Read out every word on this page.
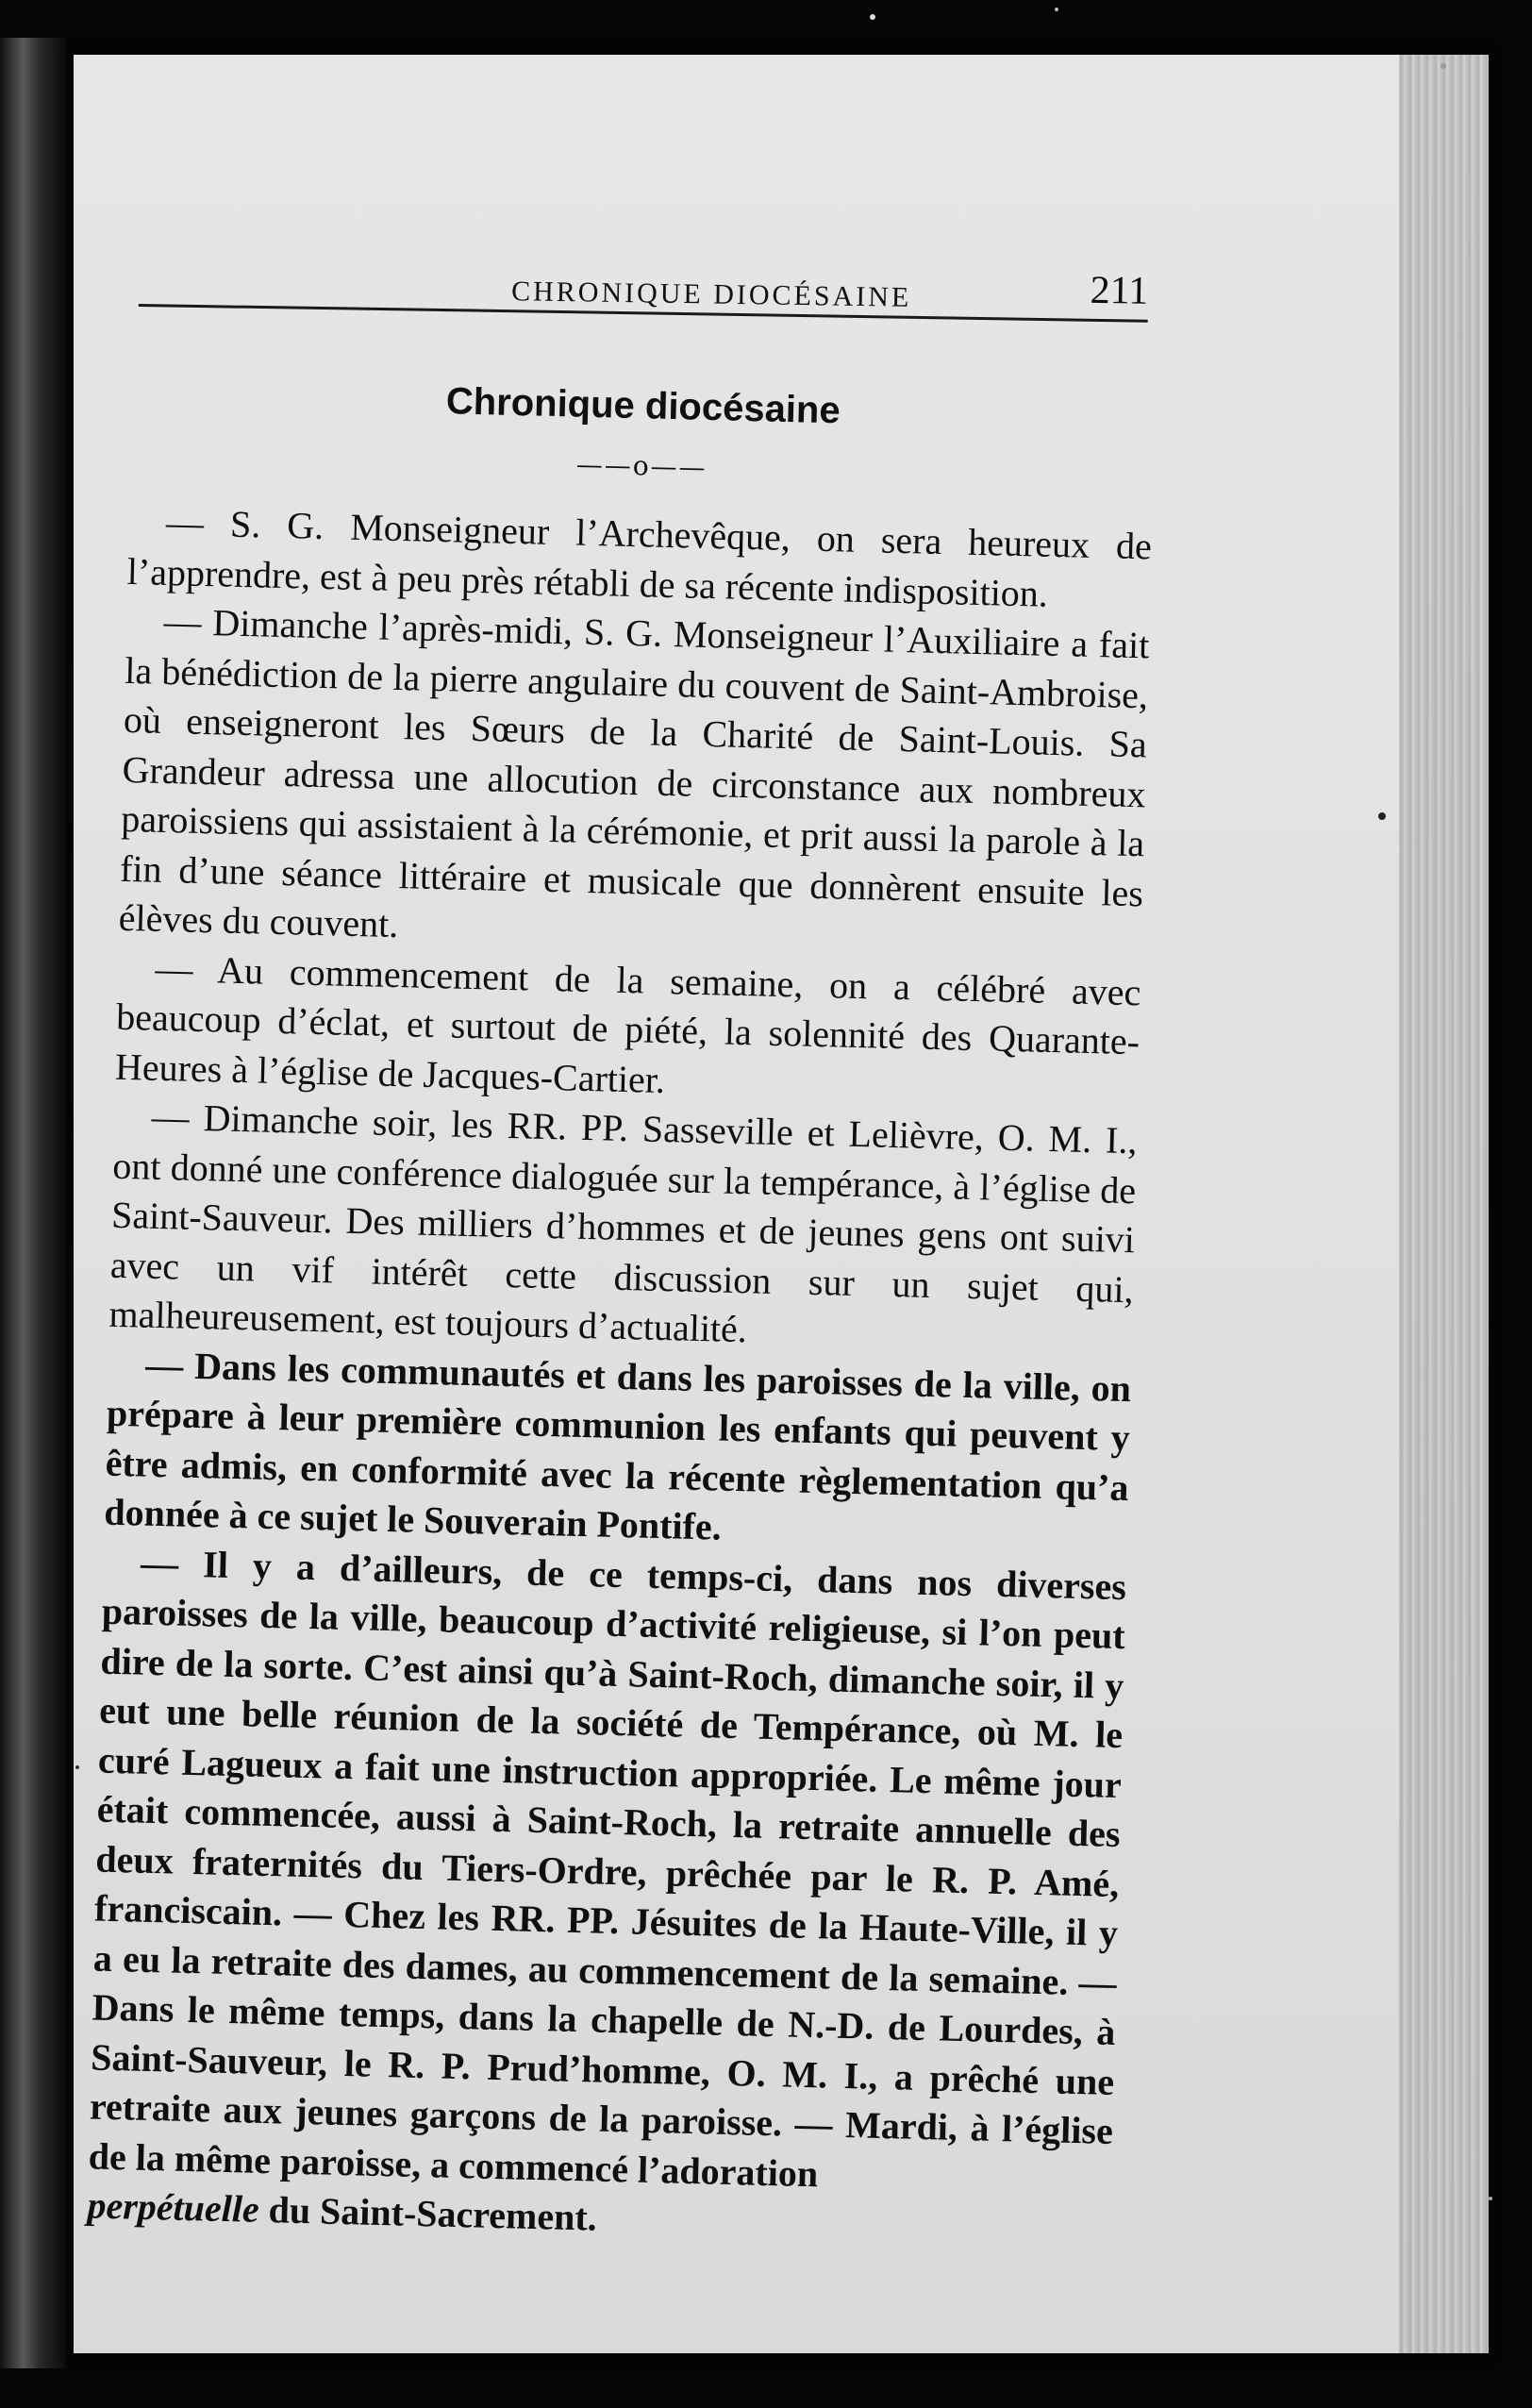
CHRONIQUE DIOCÉSAINE	211
Chronique diocésaine
——o——

— S. G. Monseigneur l’Archevêque, on sera heureux de l’apprendre, est à peu près rétabli de sa récente indisposition.

— Dimanche l’après-midi, S. G. Monseigneur l’Auxiliaire a fait la bénédiction de la pierre angulaire du couvent de Saint-Ambroise, où enseigneront les Sœurs de la Charité de Saint-Louis. Sa Grandeur adressa une allocution de circonstance aux nombreux paroissiens qui assistaient à la cérémonie, et prit aussi la parole à la fin d’une séance littéraire et musicale que donnèrent ensuite les élèves du couvent.

— Au commencement de la semaine, on a célébré avec beaucoup d’éclat, et surtout de piété, la solennité des Quarante-Heures à l’église de Jacques-Cartier.

— Dimanche soir, les RR. PP. Sasseville et Lelièvre, O. M. I., ont donné une conférence dialoguée sur la tempérance, à l’église de Saint-Sauveur. Des milliers d’hommes et de jeunes gens ont suivi avec un vif intérêt cette discussion sur un sujet qui, malheureusement, est toujours d’actualité.

— Dans les communautés et dans les paroisses de la ville, on prépare à leur première communion les enfants qui peuvent y être admis, en conformité avec la récente règlementation qu’a donnée à ce sujet le Souverain Pontife.

— Il y a d’ailleurs, de ce temps-ci, dans nos diverses paroisses de la ville, beaucoup d’activité religieuse, si l’on peut dire de la sorte. C’est ainsi qu’à Saint-Roch, dimanche soir, il y eut une belle réunion de la société de Tempérance, où M. le curé Lagueux a fait une instruction appropriée. Le même jour était commencée, aussi à Saint-Roch, la retraite annuelle des deux fraternités du Tiers-Ordre, prêchée par le R. P. Amé, franciscain. — Chez les RR. PP. Jésuites de la Haute-Ville, il y a eu la retraite des dames, au commencement de la semaine. — Dans le même temps, dans la chapelle de N.-D. de Lourdes, à Saint-Sauveur, le R. P. Prud’homme, O. M. I., a prêché une retraite aux jeunes garçons de la paroisse. — Mardi, à l’église de la même paroisse, a commencé l’adoration

perpétuelle du Saint-Sacrement.
